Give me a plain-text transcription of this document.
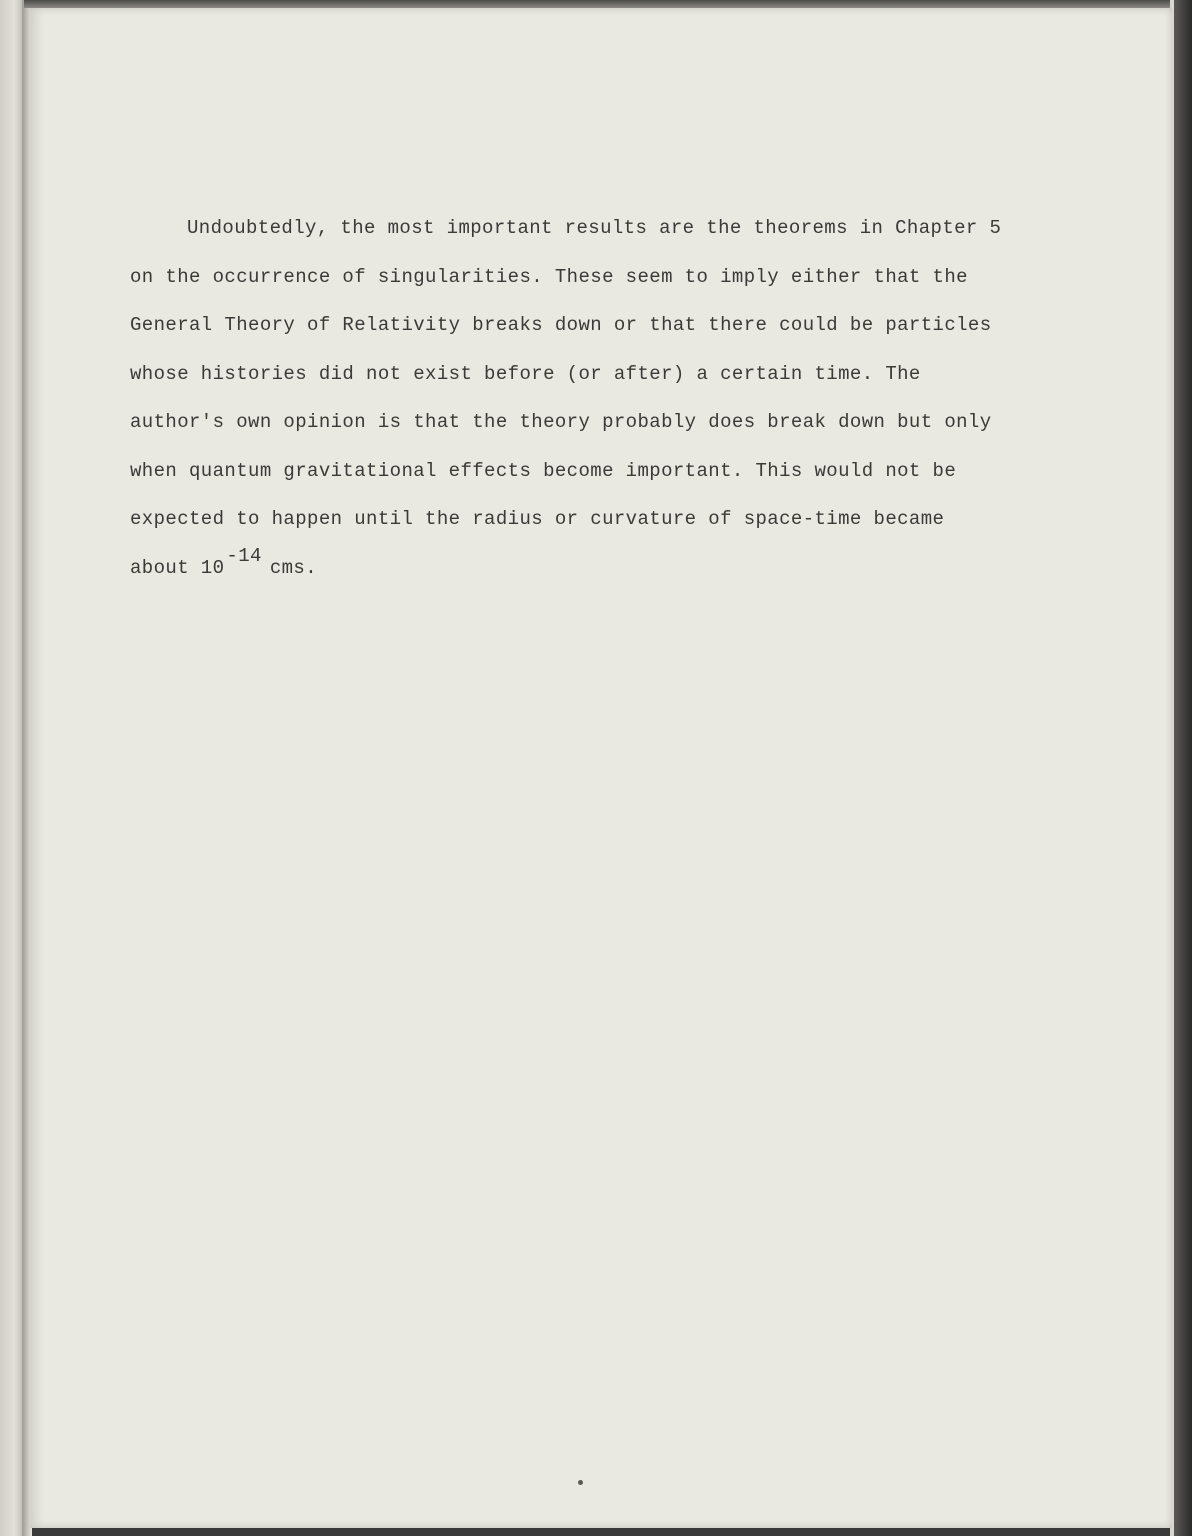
Undoubtedly, the most important results are the theorems in Chapter 5
on the occurrence of singularities. These seem to imply either that the
General Theory of Relativity breaks down or that there could be particles
whose histories did not exist before (or after) a certain time. The
author's own opinion is that the theory probably does break down but only
when quantum gravitational effects become important. This would not be
expected to happen until the radius or curvature of space-time became
about 10-14cms.
